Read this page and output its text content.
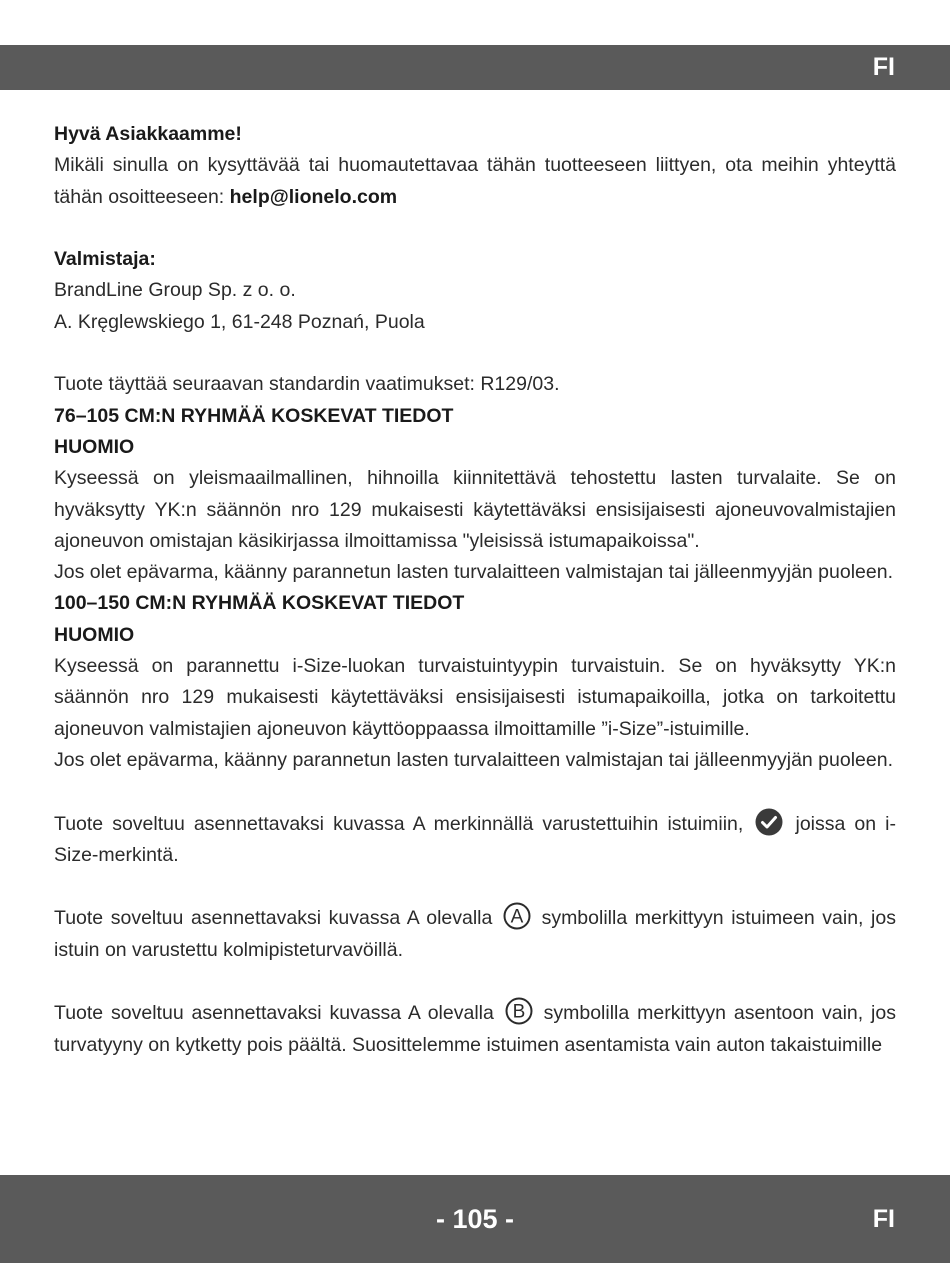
FI

Hyvä Asiakkaamme!

Mikäli sinulla on kysyttävää tai huomautettavaa tähän tuotteeseen liittyen, ota meihin yhteyttä tähän osoitteeseen: help@lionelo.com

Valmistaja:

BrandLine Group Sp. z o. o.

A. Kręglewskiego 1, 61-248 Poznań, Puola

Tuote täyttää seuraavan standardin vaatimukset: R129/03.

76–105 CM:N RYHMÄÄ KOSKEVAT TIEDOT

HUOMIO

Kyseessä on yleismaailmallinen, hihnoilla kiinnitettävä tehostettu lasten turvalaite. Se on hyväksytty YK:n säännön nro 129 mukaisesti käytettäväksi ensisijaisesti ajoneuvovalmistajien ajoneuvon omistajan käsikirjassa ilmoittamissa "yleisissä istumapaikoissa".

Jos olet epävarma, käänny parannetun lasten turvalaitteen valmistajan tai jälleenmyyjän puoleen.

100–150 CM:N RYHMÄÄ KOSKEVAT TIEDOT

HUOMIO

Kyseessä on parannettu i-Size-luokan turvaistuintyypin turvaistuin. Se on hyväksytty YK:n säännön nro 129 mukaisesti käytettäväksi ensisijaisesti istumapaikoilla, jotka on tarkoitettu ajoneuvon valmistajien ajoneuvon käyttöoppaassa ilmoittamille ”i-Size”-istuimille.

Jos olet epävarma, käänny parannetun lasten turvalaitteen valmistajan tai jälleenmyyjän puoleen.

Tuote soveltuu asennettavaksi kuvassa A merkinnällä varustettuihin istuimiin,
joissa on i-Size-merkintä.

Tuote soveltuu asennettavaksi kuvassa A olevalla A symbolilla merkittyyn istuimeen vain, jos istuin on varustettu kolmipisteturvavöillä.

Tuote soveltuu asennettavaksi kuvassa A olevalla B symbolilla merkittyyn asentoon vain, jos turvatyyny on kytketty pois päältä. Suosittelemme istuimen asentamista vain auton takaistuimille

- 105 -	FI
